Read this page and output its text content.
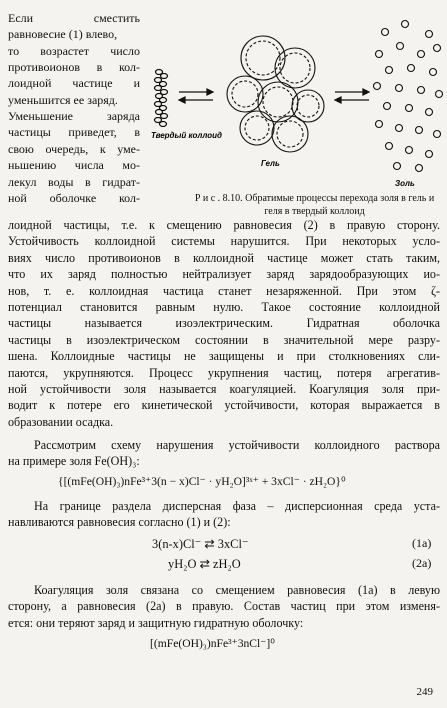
Если сместить
равновесие (1) влево,
то возрастет число
противоионов в кол-
лоидной частице и
уменьшится ее заряд.
Уменьшение заряда
частицы приведет, в
свою очередь, к уме-
ньшению числа мо-
лекул воды в гидрат-
ной оболочке кол-

Твердый коллоид
Гель
Золь
Р и с . 8.10. Обратимые процессы перехода золя в гель и
геля в твердый коллоид

лоидной частицы, т.е. к смещению равновесия (2) в правую сторону.
Устойчивость коллоидной системы нарушится. При некоторых усло-
виях число противоионов в коллоидной частице может стать таким,
что их заряд полностью нейтрализует заряд зарядообразующих ио-
нов, т. е. коллоидная частица станет незаряженной. При этом ζ-
потенциал становится равным нулю. Такое состояние коллоидной
частицы называется изоэлектрическим. Гидратная оболочка
частицы в изоэлектрическом состоянии в значительной мере разру-
шена. Коллоидные частицы не защищены и при столкновениях сли-
паются, укрупняются. Процесс укрупнения частиц, потеря агрегатив-
ной устойчивости золя называется коагуляцией. Коагуляция золя при-
водит к потере его кинетической устойчивости, которая выражается в
образовании осадка.

Рассмотрим схему нарушения устойчивости коллоидного раствора
на примере золя Fe(OH)₃:

{[(mFe(OH)₃)nFe³⁺3(n − x)Cl⁻ · yH₂O]³ˣ⁺ + 3xCl⁻ · zH₂O}⁰

На границе раздела дисперсная фаза – дисперсионная среда уста-
навливаются равновесия согласно (1) и (2):

3(n-x)Cl⁻ ⇄ 3xCl⁻	(1а)
yH₂O ⇄ zH₂O	(2а)

Коагуляция золя связана со смещением равновесия (1а) в левую
сторону, а равновесия (2а) в правую. Состав частиц при этом изменя-
ется: они теряют заряд и защитную гидратную оболочку:

[(mFe(OH)₃)nFe³⁺3nCl⁻]⁰
249
